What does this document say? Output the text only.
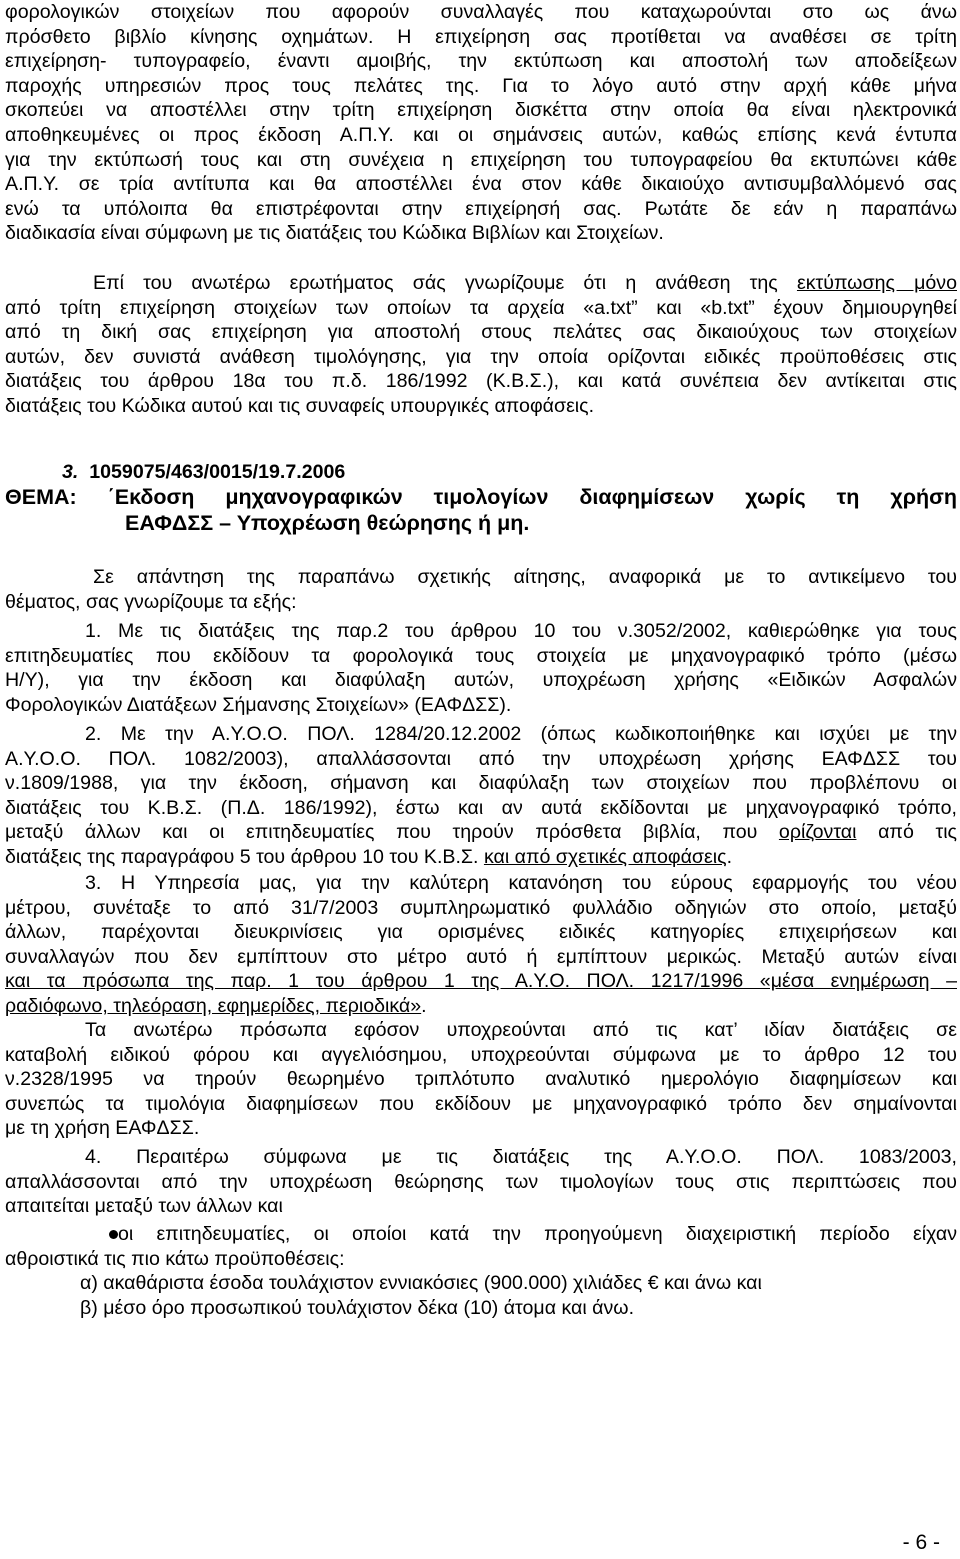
φορολογικών στοιχείων που αφορούν συναλλαγές που καταχωρούνται στο ως άνω
πρόσθετο βιβλίο κίνησης οχημάτων. Η επιχείρηση σας προτίθεται να αναθέσει σε τρίτη
επιχείρηση- τυπογραφείο, έναντι αμοιβής, την εκτύπωση και αποστολή των αποδείξεων
παροχής υπηρεσιών προς τους πελάτες της. Για το λόγο αυτό στην αρχή κάθε μήνα
σκοπεύει να αποστέλλει στην τρίτη επιχείρηση δισκέττα στην οποία θα είναι ηλεκτρονικά
αποθηκευμένες οι προς έκδοση Α.Π.Υ. και οι σημάνσεις αυτών, καθώς επίσης κενά έντυπα
για την εκτύπωσή τους και στη συνέχεια η επιχείρηση του τυπογραφείου θα εκτυπώνει κάθε
Α.Π.Υ. σε τρία αντίτυπα και θα αποστέλλει ένα στον κάθε δικαιούχο αντισυμβαλλόμενό σας
ενώ τα υπόλοιπα θα επιστρέφονται στην επιχείρησή σας. Ρωτάτε δε εάν η παραπάνω
διαδικασία είναι σύμφωνη με τις διατάξεις του Κώδικα Βιβλίων και Στοιχείων.
Επί του ανωτέρω ερωτήματος σάς γνωρίζουμε ότι η ανάθεση της εκτύπωσης μόνο
από τρίτη επιχείρηση στοιχείων των οποίων τα αρχεία «a.txt” και «b.txt” έχουν δημιουργηθεί
από τη δική σας επιχείρηση για αποστολή στους πελάτες σας δικαιούχους των στοιχείων
αυτών, δεν συνιστά ανάθεση τιμολόγησης, για την οποία ορίζονται ειδικές προϋποθέσεις στις
διατάξεις του άρθρου 18α του π.δ. 186/1992 (Κ.Β.Σ.), και κατά συνέπεια δεν αντίκειται στις
διατάξεις του Κώδικα αυτού και τις συναφείς υπουργικές αποφάσεις.
3. 1059075/463/0015/19.7.2006
ΘΕΜΑ: ΄Εκδοση μηχανογραφικών τιμολογίων διαφημίσεων χωρίς τη χρήση
ΕΑΦΔΣΣ – Υποχρέωση θεώρησης ή μη.
Σε απάντηση της παραπάνω σχετικής αίτησης, αναφορικά με το αντικείμενο του
θέματος, σας γνωρίζουμε τα εξής:
1. Με τις διατάξεις της παρ.2 του άρθρου 10 του ν.3052/2002, καθιερώθηκε για τους
επιτηδευματίες που εκδίδουν τα φορολογικά τους στοιχεία με μηχανογραφικό τρόπο (μέσω
Η/Υ), για την έκδοση και διαφύλαξη αυτών, υποχρέωση χρήσης «Ειδικών Ασφαλών
Φορολογικών Διατάξεων Σήμανσης Στοιχείων» (ΕΑΦΔΣΣ).
2. Με την Α.Υ.Ο.Ο. ΠΟΛ. 1284/20.12.2002 (όπως κωδικοποιήθηκε και ισχύει με την
Α.Υ.Ο.Ο. ΠΟΛ. 1082/2003), απαλλάσσονται από την υποχρέωση χρήσης ΕΑΦΔΣΣ του
ν.1809/1988, για την έκδοση, σήμανση και διαφύλαξη των στοιχείων που προβλέπονυ οι
διατάξεις του Κ.Β.Σ. (Π.Δ. 186/1992), έστω και αν αυτά εκδίδονται με μηχανογραφικό τρόπο,
μεταξύ άλλων και οι επιτηδευματίες που τηρούν πρόσθετα βιβλία, που ορίζονται από τις
διατάξεις της παραγράφου 5 του άρθρου 10 του Κ.Β.Σ. και από σχετικές αποφάσεις.
3. Η Υπηρεσία μας, για την καλύτερη κατανόηση του εύρους εφαρμογής του νέου
μέτρου, συνέταξε το από 31/7/2003 συμπληρωματικό φυλλάδιο οδηγιών στο οποίο, μεταξύ
άλλων, παρέχονται διευκρινίσεις για ορισμένες ειδικές κατηγορίες επιχειρήσεων και
συναλλαγών που δεν εμπίπτουν στο μέτρο αυτό ή εμπίπτουν μερικώς. Μεταξύ αυτών είναι
και τα πρόσωπα της παρ. 1 του άρθρου 1 της Α.Υ.Ο. ΠΟΛ. 1217/1996 «μέσα ενημέρωση –
ραδιόφωνο, τηλεόραση, εφημερίδες, περιοδικά».
Τα ανωτέρω πρόσωπα εφόσον υποχρεούνται από τις κατ’ ιδίαν διατάξεις σε
καταβολή ειδικού φόρου και αγγελιόσημου, υποχρεούνται σύμφωνα με το άρθρο 12 του
ν.2328/1995 να τηρούν θεωρημένο τριπλότυπο αναλυτικό ημερολόγιο διαφημίσεων και
συνεπώς τα τιμολόγια διαφημίσεων που εκδίδουν με μηχανογραφικό τρόπο δεν σημαίνονται
με τη χρήση ΕΑΦΔΣΣ.
4. Περαιτέρω σύμφωνα με τις διατάξεις της Α.Υ.Ο.Ο. ΠΟΛ. 1083/2003,
απαλλάσσονται από την υποχρέωση θεώρησης των τιμολογίων τους στις περιπτώσεις που
απαιτείται μεταξύ των άλλων και
οι επιτηδευματίες, οι οποίοι κατά την προηγούμενη διαχειριστική περίοδο είχαν
αθροιστικά τις πιο κάτω προϋποθέσεις:
α) ακαθάριστα έσοδα τουλάχιστον εννιακόσιες (900.000) χιλιάδες € και άνω και
β) μέσο όρο προσωπικού τουλάχιστον δέκα (10) άτομα και άνω.
- 6 -
